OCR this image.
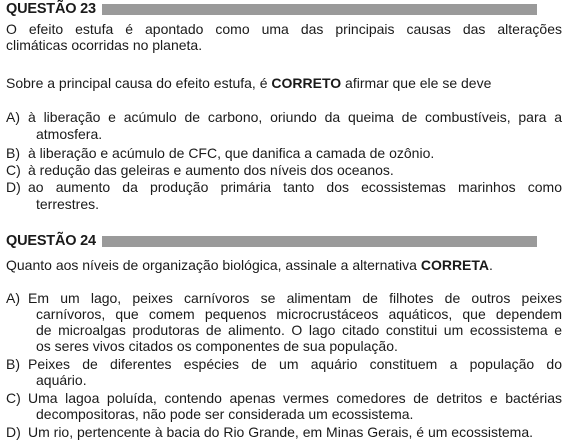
QUESTÃO 23
O efeito estufa é apontado como uma das principais causas das alterações
climáticas ocorridas no planeta.
Sobre a principal causa do efeito estufa, é CORRETO afirmar que ele se deve
A) à liberação e acúmulo de carbono, oriundo da queima de combustíveis, para a
atmosfera.
B) à liberação e acúmulo de CFC, que danifica a camada de ozônio.
C) à redução das geleiras e aumento dos níveis dos oceanos.
D) ao aumento da produção primária tanto dos ecossistemas marinhos como
terrestres.
QUESTÃO 24
Quanto aos níveis de organização biológica, assinale a alternativa CORRETA.
A) Em um lago, peixes carnívoros se alimentam de filhotes de outros peixes
carnívoros, que comem pequenos microcrustáceos aquáticos, que dependem
de microalgas produtoras de alimento. O lago citado constitui um ecossistema e
os seres vivos citados os componentes de sua população.
B) Peixes de diferentes espécies de um aquário constituem a população do
aquário.
C) Uma lagoa poluída, contendo apenas vermes comedores de detritos e bactérias
decompositoras, não pode ser considerada um ecossistema.
D) Um rio, pertencente à bacia do Rio Grande, em Minas Gerais, é um ecossistema.
